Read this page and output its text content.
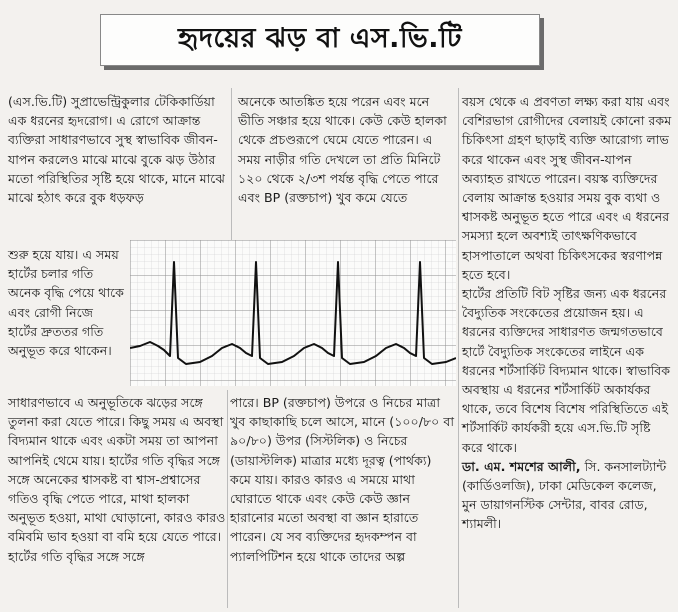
হৃদয়ের ঝড় বা এস.ভি.টি

(এস.ভি.টি) সুপ্রাভেন্ট্রিকুলার টেকিকার্ডিয়া এক ধরনের হৃদরোগ। এ রোগে আক্রান্ত ব্যক্তিরা সাধারণভাবে সুস্থ স্বাভাবিক জীবন-যাপন করলেও মাঝে মাঝে বুকে ঝড় উঠার মতো পরিস্থিতির সৃষ্টি হয়ে থাকে, মানে মাঝে মাঝে হঠাৎ করে বুক ধড়ফড়

শুরু হয়ে যায়। এ সময় হার্টের চলার গতি অনেক বৃদ্ধি পেয়ে থাকে এবং রোগী নিজে হার্টের দ্রুততর গতি অনুভূত করে থাকেন।

সাধারণভাবে এ অনুভূতিকে ঝড়ের সঙ্গে তুলনা করা যেতে পারে। কিছু সময় এ অবস্থা বিদ্যমান থাকে এবং একটা সময় তা আপনা আপনিই থেমে যায়। হার্টের গতি বৃদ্ধির সঙ্গে সঙ্গে অনেকের শ্বাসকষ্ট বা শ্বাস-প্রশ্বাসের গতিও বৃদ্ধি পেতে পারে, মাথা হালকা অনুভূত হওয়া, মাথা ঘোড়ানো, কারও কারও বমিবমি ভাব হওয়া বা বমি হয়ে যেতে পারে। হার্টের গতি বৃদ্ধির সঙ্গে সঙ্গে

অনেকে আতঙ্কিত হয়ে পরেন এবং মনে ভীতি সঞ্চার হয়ে থাকে। কেউ কেউ হালকা থেকে প্রচণ্ডরূপে ঘেমে যেতে পারেন। এ সময় নাড়ীর গতি দেখলে তা প্রতি মিনিটে ১২০ থেকে ২/৩শ পর্যন্ত বৃদ্ধি পেতে পারে এবং BP (রক্তচাপ) খুব কমে যেতে

পারে। BP (রক্তচাপ) উপরে ও নিচের মাত্রা খুব কাছাকাছি চলে আসে, মানে (১০০/৮০ বা ৯০/৮০) উপর (সিস্টলিক) ও নিচের (ডায়াস্টলিক) মাত্রার মধ্যে দূরত্ব (পার্থক্য) কমে যায়। কারও কারও এ সময়ে মাথা ঘোরাতে থাকে এবং কেউ কেউ জ্ঞান হারানোর মতো অবস্থা বা জ্ঞান হারাতে পারেন। যে সব ব্যক্তিদের হৃদকম্পন বা প্যালপিটিশন হয়ে থাকে তাদের অল্প

বয়স থেকে এ প্রবণতা লক্ষ্য করা যায় এবং বেশিরভাগ রোগীদের বেলায়ই কোনো রকম চিকিৎসা গ্রহণ ছাড়াই ব্যক্তি আরোগ্য লাভ করে থাকেন এবং সুস্থ জীবন-যাপন অব্যাহত রাখতে পারেন। বয়স্ক ব্যক্তিদের বেলায় আক্রান্ত হওয়ার সময় বুক ব্যথা ও শ্বাসকষ্ট অনুভূত হতে পারে এবং এ ধরনের সমস্যা হলে অবশ্যই তাৎক্ষণিকভাবে হাসপাতালে অথবা চিকিৎসকের স্বরণাপন্ন হতে হবে।

হার্টের প্রতিটি বিট সৃষ্টির জন্য এক ধরনের বৈদ্যুতিক সংকেতের প্রয়োজন হয়। এ ধরনের ব্যক্তিদের সাধারণত জন্মগতভাবে হার্টে বৈদ্যুতিক সংকেতের লাইনে এক ধরনের শর্টসার্কিট বিদ্যমান থাকে। স্বাভাবিক অবস্থায় এ ধরনের শর্টসার্কিট অকার্যকর থাকে, তবে বিশেষ বিশেষ পরিস্থিতিতে এই শর্টসার্কিট কার্যকরী হয়ে এস.ভি.টি সৃষ্টি করে থাকে।

ডা. এম. শমশের আলী, সি. কনসালট্যান্ট (কার্ডিওলজি), ঢাকা মেডিকেল কলেজ, মুন ডায়াগনস্টিক সেন্টার, বাবর রোড, শ্যামলী।
